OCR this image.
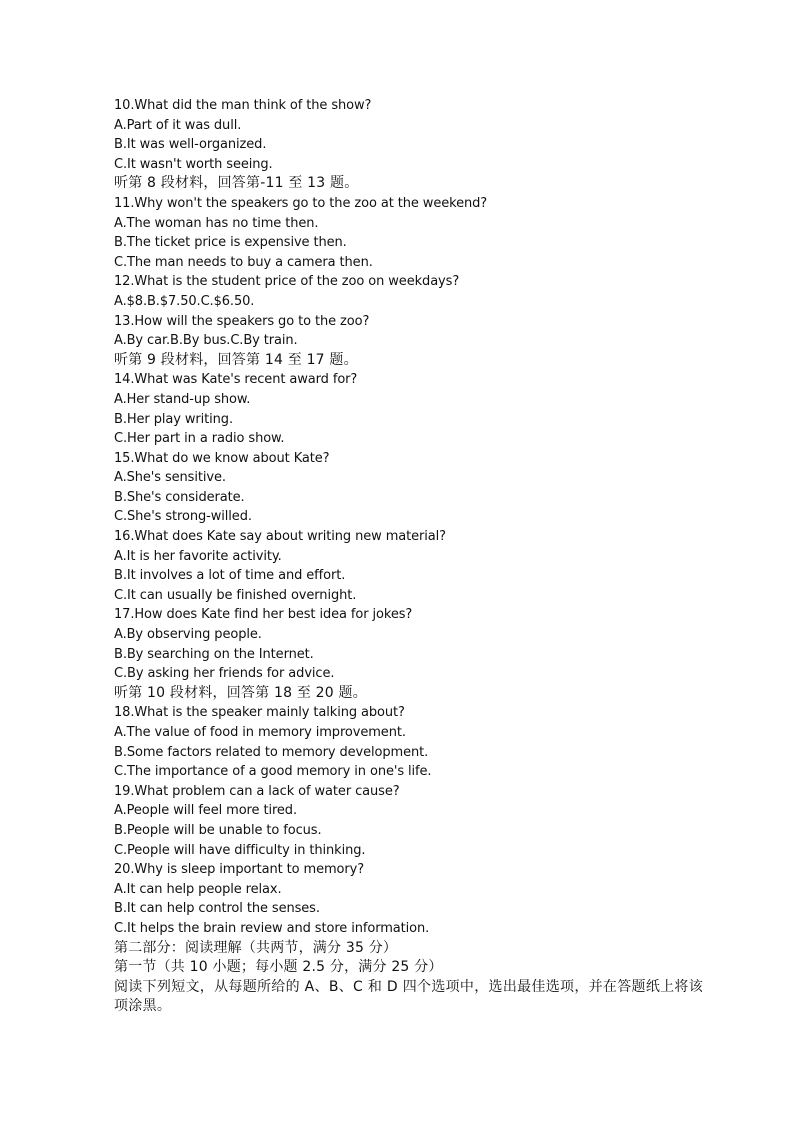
10.What did the man think of the show?
A.Part of it was dull.
B.It was well-organized.
C.It wasn't worth seeing.
听第 8 段材料，回答第-11 至 13 题。
11.Why won't the speakers go to the zoo at the weekend?
A.The woman has no time then.
B.The ticket price is expensive then.
C.The man needs to buy a camera then.
12.What is the student price of the zoo on weekdays?
A.$8.B.$7.50.C.$6.50.
13.How will the speakers go to the zoo?
A.By car.B.By bus.C.By train.
听第 9 段材料，回答第 14 至 17 题。
14.What was Kate's recent award for?
A.Her stand-up show.
B.Her play writing.
C.Her part in a radio show.
15.What do we know about Kate?
A.She's sensitive.
B.She's considerate.
C.She's strong-willed.
16.What does Kate say about writing new material?
A.It is her favorite activity.
B.It involves a lot of time and effort.
C.It can usually be finished overnight.
17.How does Kate find her best idea for jokes?
A.By observing people.
B.By searching on the Internet.
C.By asking her friends for advice.
听第 10 段材料，回答第 18 至 20 题。
18.What is the speaker mainly talking about?
A.The value of food in memory improvement.
B.Some factors related to memory development.
C.The importance of a good memory in one's life.
19.What problem can a lack of water cause?
A.People will feel more tired.
B.People will be unable to focus.
C.People will have difficulty in thinking.
20.Why is sleep important to memory?
A.It can help people relax.
B.It can help control the senses.
C.It helps the brain review and store information.
第二部分：阅读理解（共两节，满分 35 分）
第一节（共 10 小题；每小题 2.5 分，满分 25 分）
阅读下列短文，从每题所给的 A、B、C 和 D 四个选项中，选出最佳选项，并在答题纸上将该项涂黑。
